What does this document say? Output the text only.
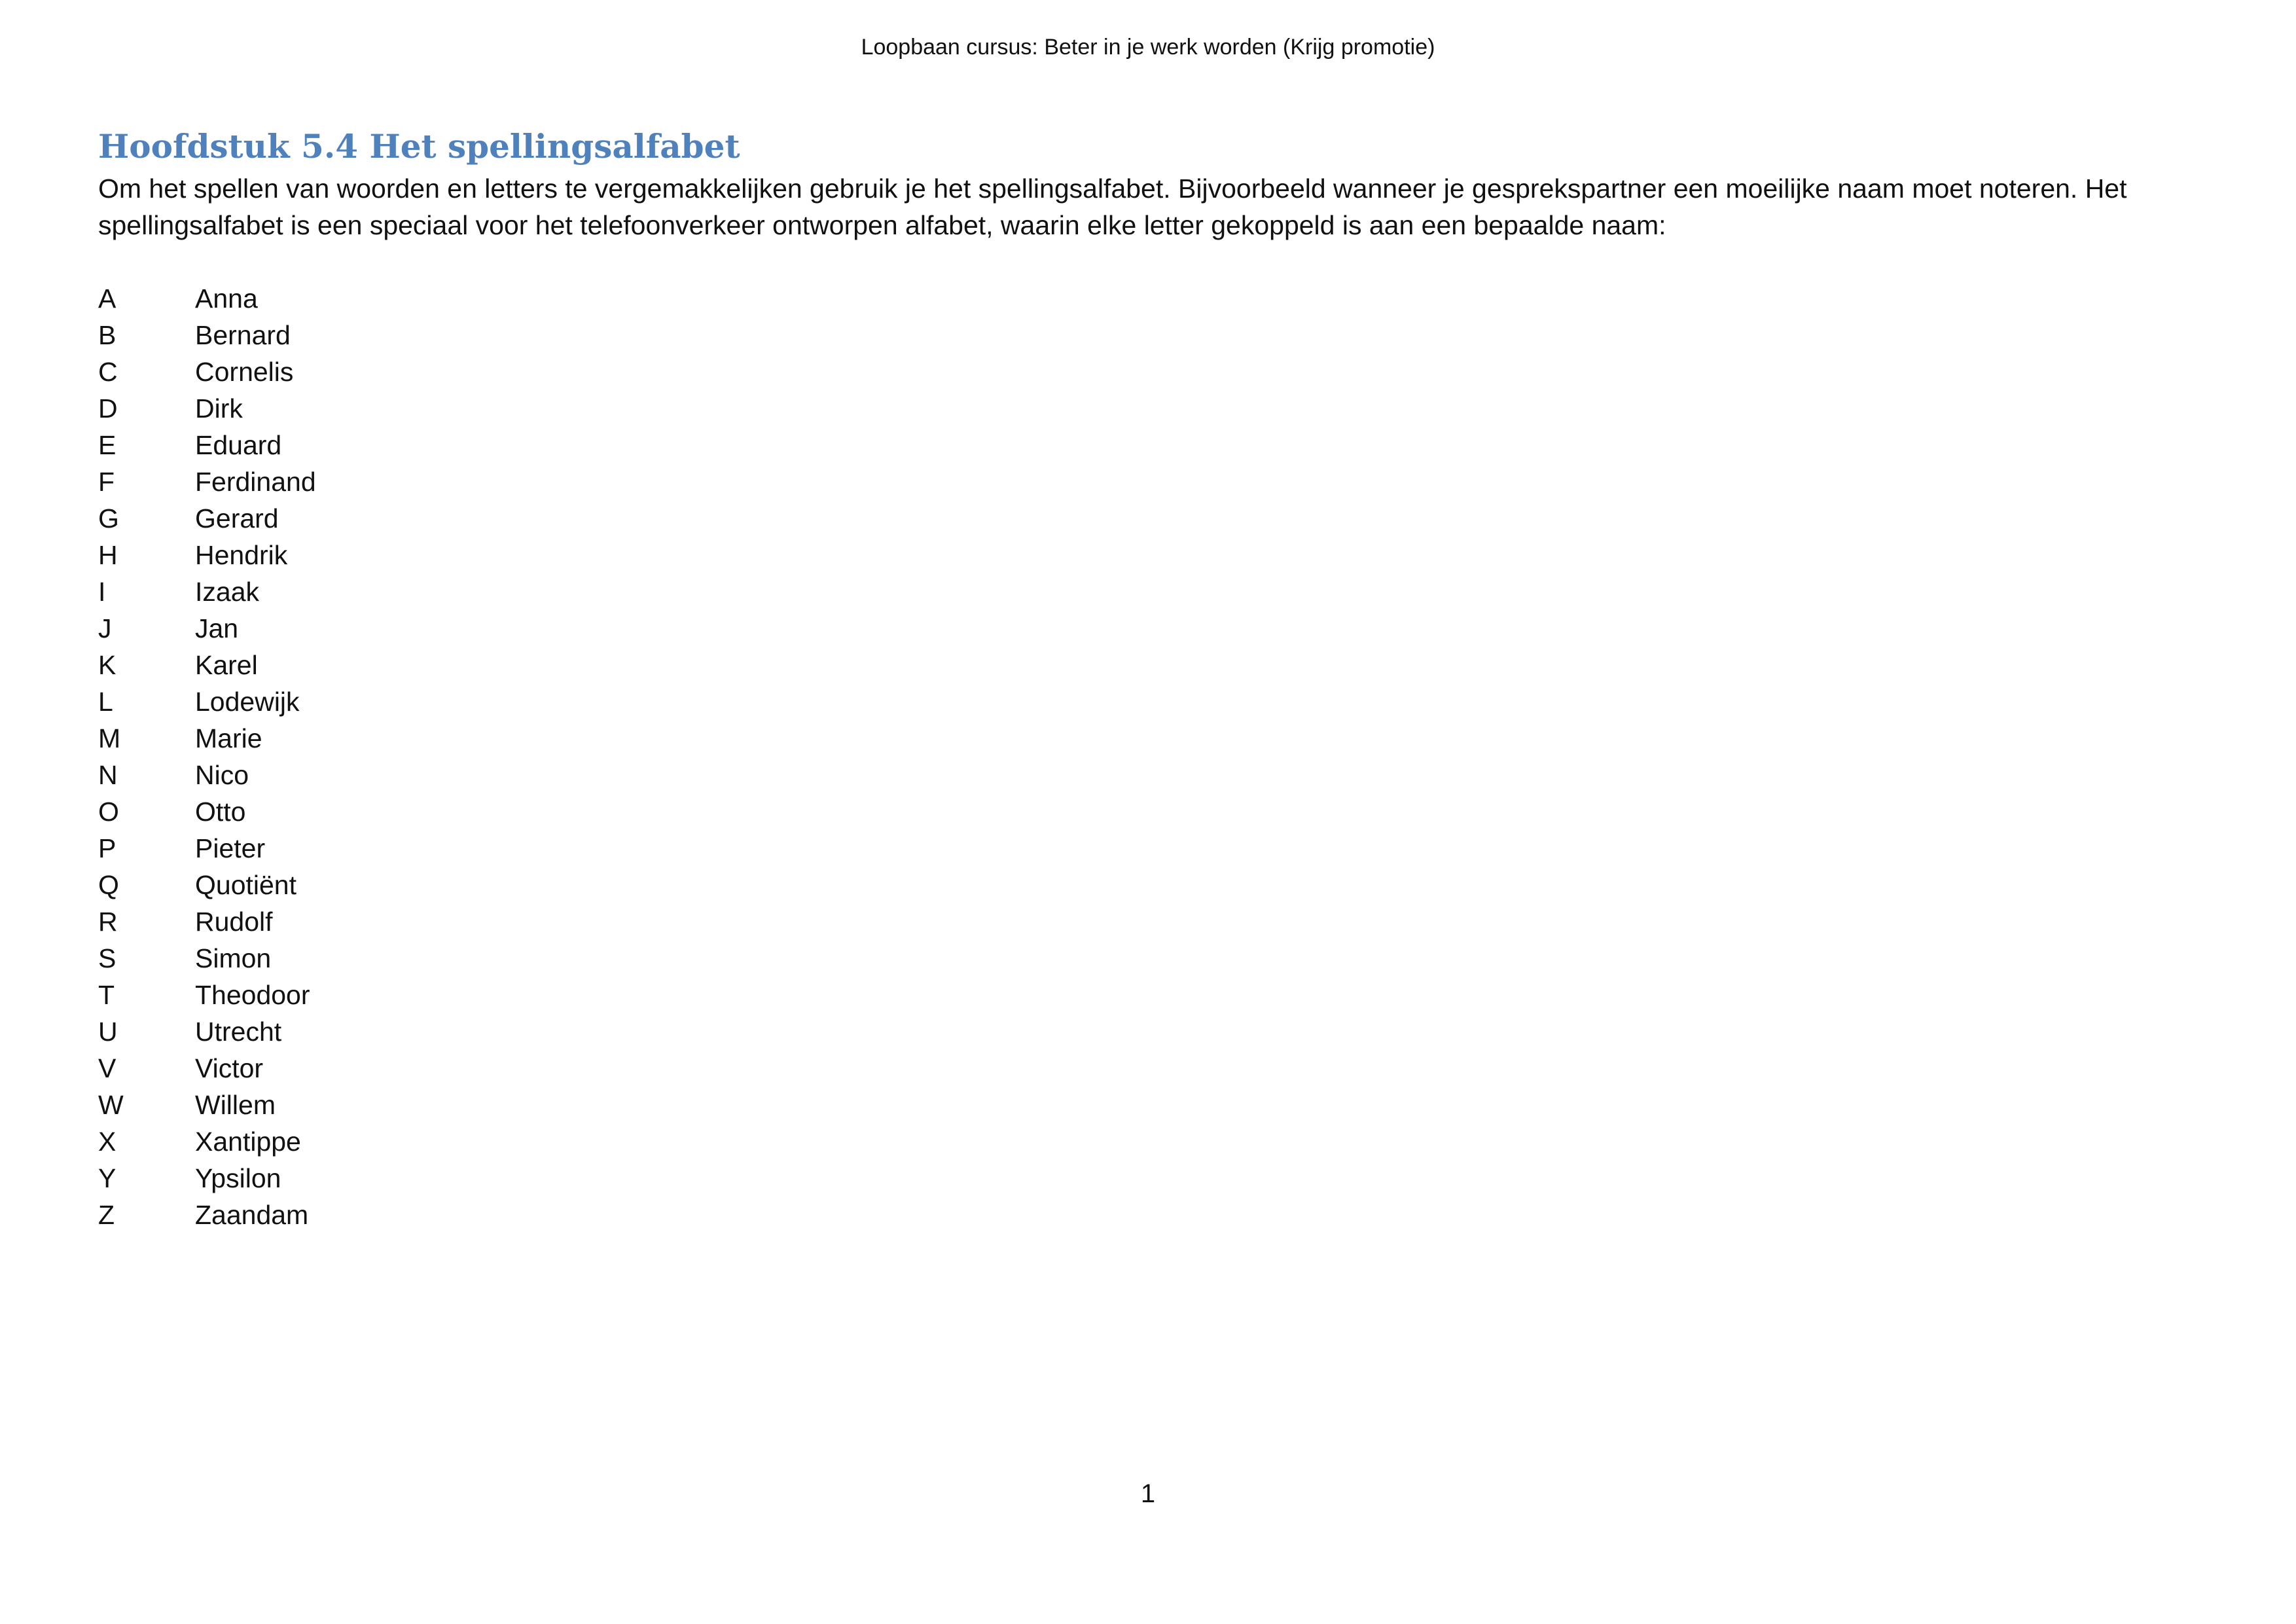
Loopbaan cursus: Beter in je werk worden (Krijg promotie)
Hoofdstuk 5.4 Het spellingsalfabet

Om het spellen van woorden en letters te vergemakkelijken gebruik je het spellingsalfabet. Bijvoorbeeld wanneer je gesprekspartner een moeilijke naam moet noteren. Het spellingsalfabet is een speciaal voor het telefoonverkeer ontworpen alfabet, waarin elke letter gekoppeld is aan een bepaalde naam:

A	Anna
B	Bernard
C	Cornelis
D	Dirk
E	Eduard
F	Ferdinand
G	Gerard
H	Hendrik
I	Izaak
J	Jan
K	Karel
L	Lodewijk
M	Marie
N	Nico
O	Otto
P	Pieter
Q	Quotiënt
R	Rudolf
S	Simon
T	Theodoor
U	Utrecht
V	Victor
W	Willem
X	Xantippe
Y	Ypsilon
Z	Zaandam
1
